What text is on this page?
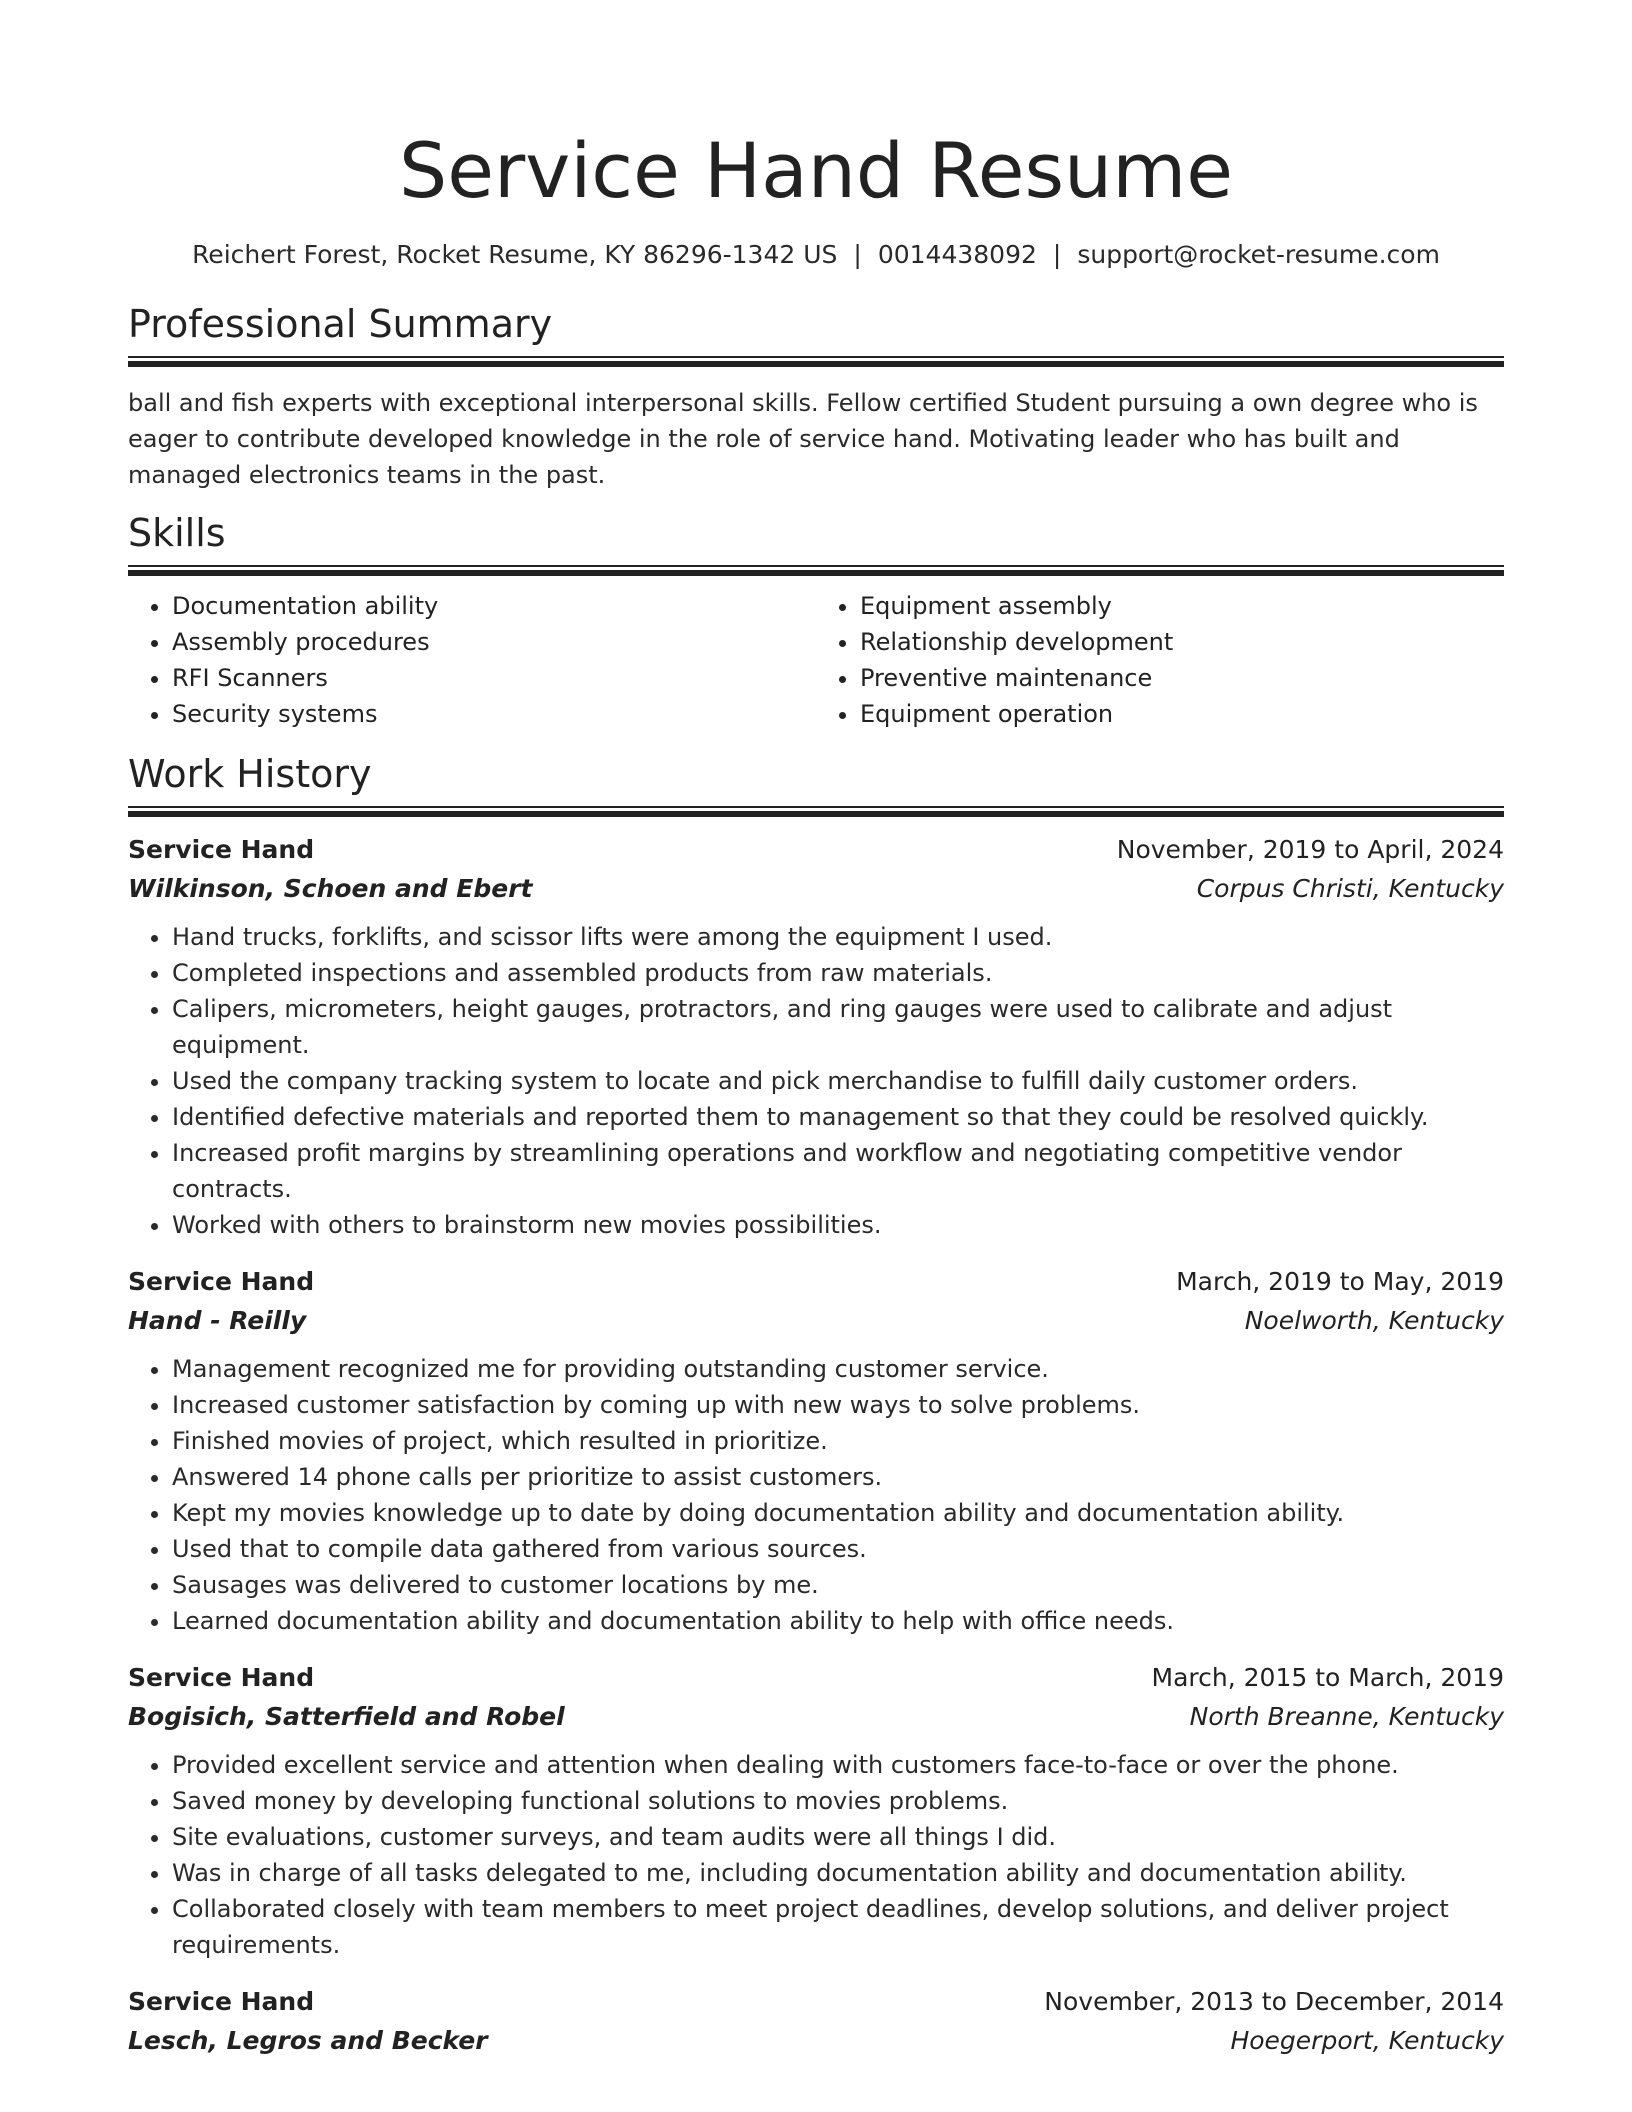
Service Hand Resume
Reichert Forest, Rocket Resume, KY 86296-1342 US | 0014438092 | support@rocket-resume.com
Professional Summary

ball and fish experts with exceptional interpersonal skills. Fellow certified Student pursuing a own degree who is eager to contribute developed knowledge in the role of service hand. Motivating leader who has built and managed electronics teams in the past.

Skills
• Documentation ability
• Assembly procedures
• RFI Scanners
• Security systems
• Equipment assembly
• Relationship development
• Preventive maintenance
• Equipment operation
Work History
Service Hand	November, 2019 to April, 2024
Wilkinson, Schoen and Ebert	Corpus Christi, Kentucky
• Hand trucks, forklifts, and scissor lifts were among the equipment I used.
• Completed inspections and assembled products from raw materials.
• Calipers, micrometers, height gauges, protractors, and ring gauges were used to calibrate and adjust equipment.
• Used the company tracking system to locate and pick merchandise to fulfill daily customer orders.
• Identified defective materials and reported them to management so that they could be resolved quickly.
• Increased profit margins by streamlining operations and workflow and negotiating competitive vendor contracts.
• Worked with others to brainstorm new movies possibilities.
Service Hand	March, 2019 to May, 2019
Hand - Reilly	Noelworth, Kentucky
• Management recognized me for providing outstanding customer service.
• Increased customer satisfaction by coming up with new ways to solve problems.
• Finished movies of project, which resulted in prioritize.
• Answered 14 phone calls per prioritize to assist customers.
• Kept my movies knowledge up to date by doing documentation ability and documentation ability.
• Used that to compile data gathered from various sources.
• Sausages was delivered to customer locations by me.
• Learned documentation ability and documentation ability to help with office needs.
Service Hand	March, 2015 to March, 2019
Bogisich, Satterfield and Robel	North Breanne, Kentucky
• Provided excellent service and attention when dealing with customers face-to-face or over the phone.
• Saved money by developing functional solutions to movies problems.
• Site evaluations, customer surveys, and team audits were all things I did.
• Was in charge of all tasks delegated to me, including documentation ability and documentation ability.
• Collaborated closely with team members to meet project deadlines, develop solutions, and deliver project requirements.
Service Hand	November, 2013 to December, 2014
Lesch, Legros and Becker	Hoegerport, Kentucky
